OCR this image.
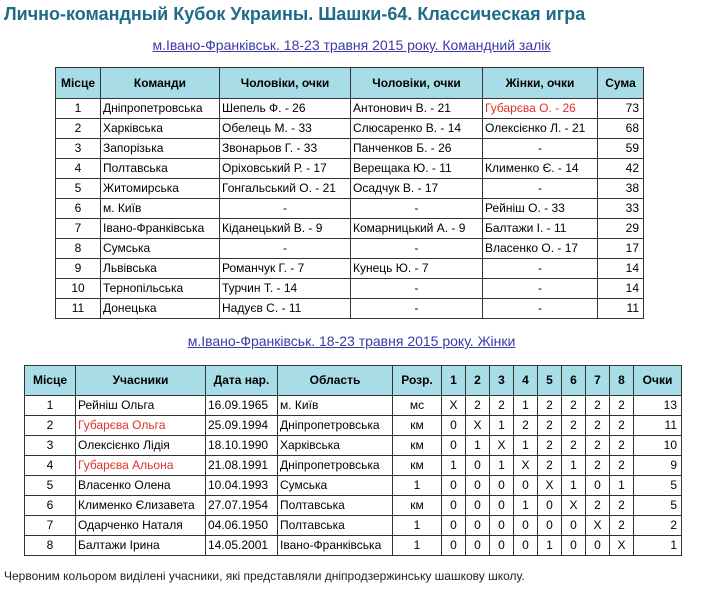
Лично-командный Кубок Украины. Шашки-64. Классическая игра
м.Івано-Франківськ. 18-23 травня 2015 року. Командний залік
Місце	Команди	Чоловіки, очки	Чоловіки, очки	Жінки, очки	Сума
1	Дніпропетровська	Шепель Ф. - 26	Антонович В. - 21	Губарєва О. - 26	73
2	Харківська	Обелець М. - 33	Слюсаренко В. - 14	Олексієнко Л. - 21	68
3	Запорізька	Звонарьов Г. - 33	Панченков Б. - 26	-	59
4	Полтавська	Оріховський Р. - 17	Верещака Ю. - 11	Клименко Є. - 14	42
5	Житомирська	Гонгальський О. - 21	Осадчук В. - 17	-	38
6	м. Київ	-	-	Рейніш О. - 33	33
7	Івано-Франківська	Кіданецький В. - 9	Комарницький А. - 9	Балтажи І. - 11	29
8	Сумська	-	-	Власенко О. - 17	17
9	Львівська	Романчук Г. - 7	Кунець Ю. - 7	-	14
10	Тернопільська	Турчин Т. - 14	-	-	14
11	Донецька	Надуєв С. - 11	-	-	11
м.Івано-Франківськ. 18-23 травня 2015 року. Жінки
Місце	Учасники	Дата нар.	Область	Розр.	1	2	3	4	5	6	7	8	Очки
1	Рейніш Ольга	16.09.1965	м. Київ	мс	X	2	2	1	2	2	2	2	13
2	Губарєва Ольга	25.09.1994	Дніпропетровська	км	0	X	1	2	2	2	2	2	11
3	Олексієнко Лідія	18.10.1990	Харківська	км	0	1	X	1	2	2	2	2	10
4	Губарєва Альона	21.08.1991	Дніпропетровська	км	1	0	1	X	2	1	2	2	9
5	Власенко Олена	10.04.1993	Сумська	1	0	0	0	0	X	1	0	1	5
6	Клименко Єлизавета	27.07.1954	Полтавська	км	0	0	0	1	0	X	2	2	5
7	Одарченко Наталя	04.06.1950	Полтавська	1	0	0	0	0	0	0	X	2	2
8	Балтажи Ірина	14.05.2001	Івано-Франківська	1	0	0	0	0	1	0	0	X	1
Червоним кольором виділені учасники, які представляли дніпродзержинську шашкову школу.
